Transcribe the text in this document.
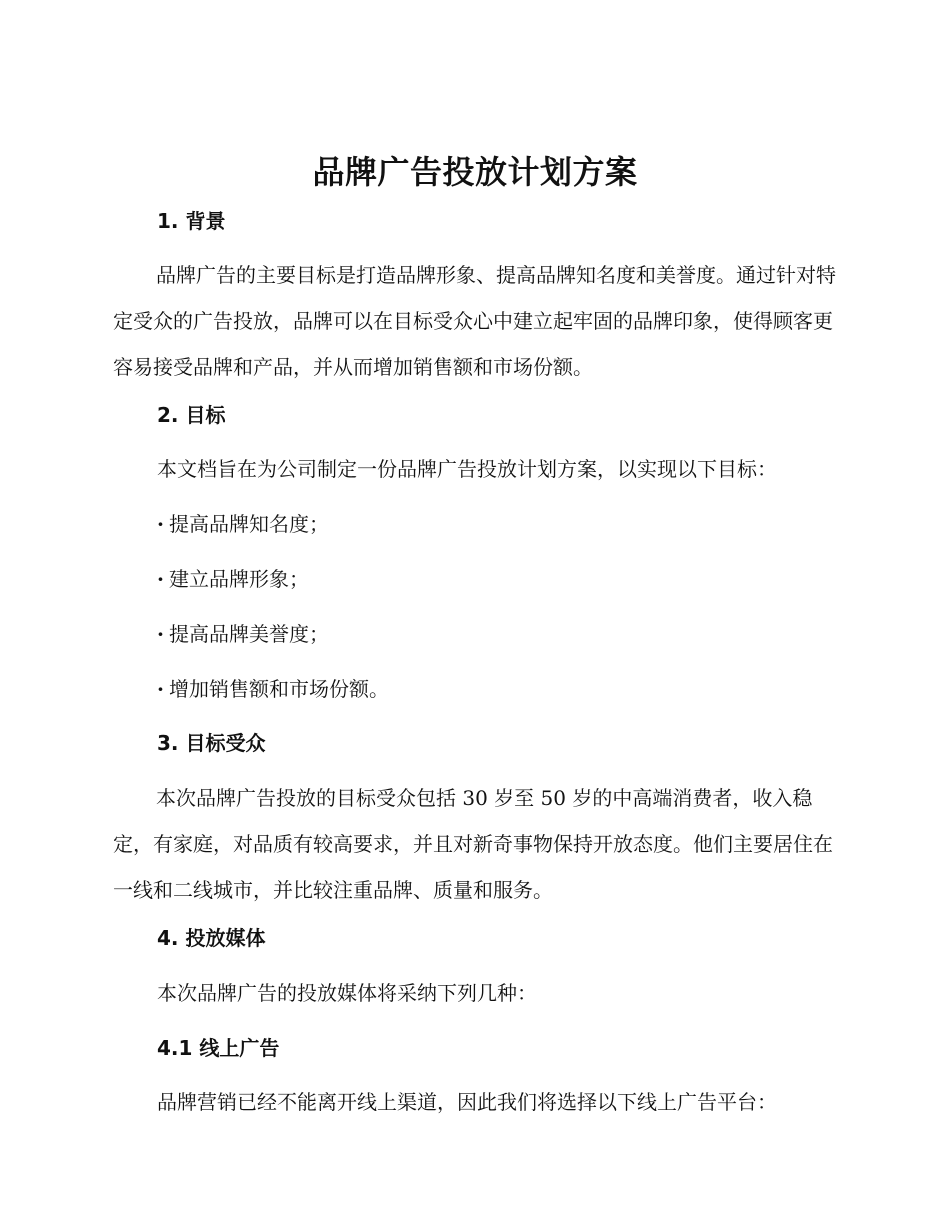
品牌广告投放计划方案
1. 背景

品牌广告的主要目标是打造品牌形象、提高品牌知名度和美誉度。通过针对特定受众的广告投放，品牌可以在目标受众心中建立起牢固的品牌印象，使得顾客更容易接受品牌和产品，并从而增加销售额和市场份额。

2. 目标

本文档旨在为公司制定一份品牌广告投放计划方案，以实现以下目标：

· 提高品牌知名度；

· 建立品牌形象；

· 提高品牌美誉度；

· 增加销售额和市场份额。

3. 目标受众

本次品牌广告投放的目标受众包括 30 岁至 50 岁的中高端消费者，收入稳定，有家庭，对品质有较高要求，并且对新奇事物保持开放态度。他们主要居住在一线和二线城市，并比较注重品牌、质量和服务。

4. 投放媒体

本次品牌广告的投放媒体将采纳下列几种：

4.1 线上广告

品牌营销已经不能离开线上渠道，因此我们将选择以下线上广告平台：
